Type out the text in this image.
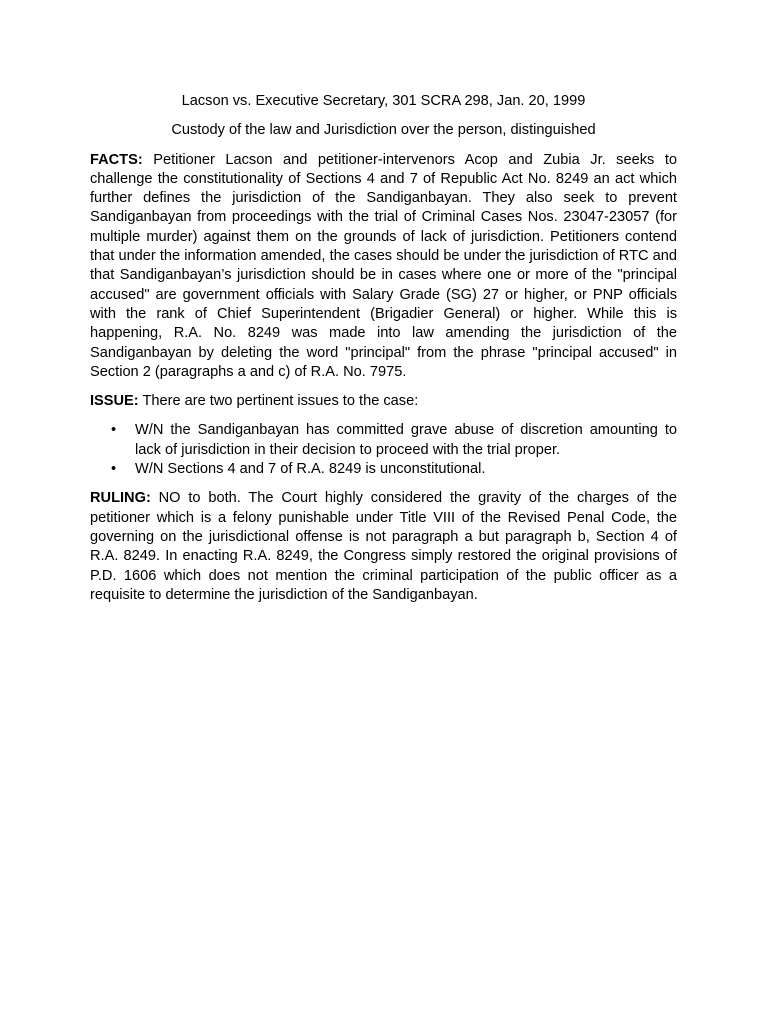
Lacson vs. Executive Secretary, 301 SCRA 298, Jan. 20, 1999

Custody of the law and Jurisdiction over the person, distinguished

FACTS: Petitioner Lacson and petitioner-intervenors Acop and Zubia Jr. seeks to challenge the constitutionality of Sections 4 and 7 of Republic Act No. 8249 an act which further defines the jurisdiction of the Sandiganbayan. They also seek to prevent Sandiganbayan from proceedings with the trial of Criminal Cases Nos. 23047-23057 (for multiple murder) against them on the grounds of lack of jurisdiction. Petitioners contend that under the information amended, the cases should be under the jurisdiction of RTC and that Sandiganbayan’s jurisdiction should be in cases where one or more of the "principal accused" are government officials with Salary Grade (SG) 27 or higher, or PNP officials with the rank of Chief Superintendent (Brigadier General) or higher. While this is happening, R.A. No. 8249 was made into law amending the jurisdiction of the Sandiganbayan by deleting the word "principal" from the phrase "principal accused" in Section 2 (paragraphs a and c) of R.A. No. 7975.

ISSUE: There are two pertinent issues to the case:

• W/N the Sandiganbayan has committed grave abuse of discretion amounting to lack of jurisdiction in their decision to proceed with the trial proper.
• W/N Sections 4 and 7 of R.A. 8249 is unconstitutional.

RULING: NO to both. The Court highly considered the gravity of the charges of the petitioner which is a felony punishable under Title VIII of the Revised Penal Code, the governing on the jurisdictional offense is not paragraph a but paragraph b, Section 4 of R.A. 8249. In enacting R.A. 8249, the Congress simply restored the original provisions of P.D. 1606 which does not mention the criminal participation of the public officer as a requisite to determine the jurisdiction of the Sandiganbayan.
